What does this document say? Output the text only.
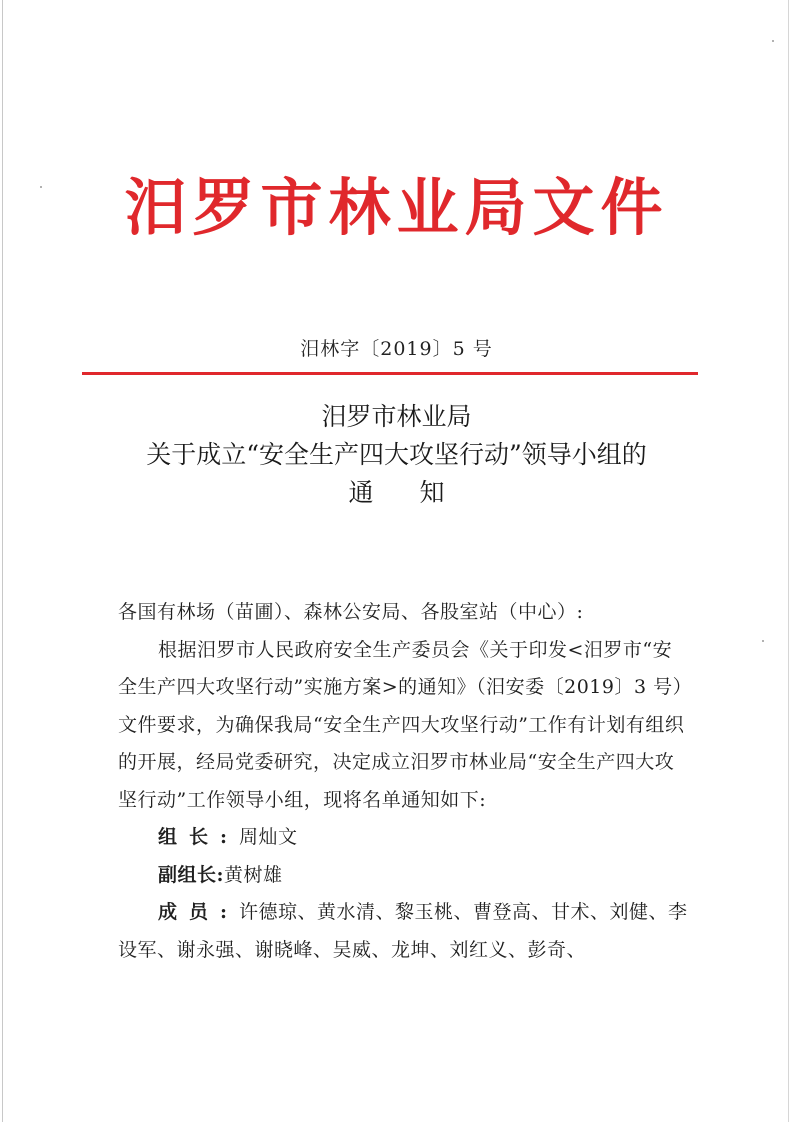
汨罗市林业局文件
汨林字〔2019〕5 号
汨罗市林业局
关于成立“安全生产四大攻坚行动”领导小组的
通知

各国有林场（苗圃）、森林公安局、各股室站（中心）:

根据汨罗市人民政府安全生产委员会《关于印发<汨罗市“安全生产四大攻坚行动”实施方案>的通知》（汨安委〔2019〕3 号）文件要求，为确保我局“安全生产四大攻坚行动”工作有计划有组织的开展，经局党委研究，决定成立汨罗市林业局“安全生产四大攻坚行动”工作领导小组，现将名单通知如下:

组长:周灿文

副组长:黄树雄

成员:许德琼、黄水清、黎玉桃、曹登高、甘术、刘健、李设军、谢永强、谢晓峰、吴威、龙坤、刘红义、彭奇、
